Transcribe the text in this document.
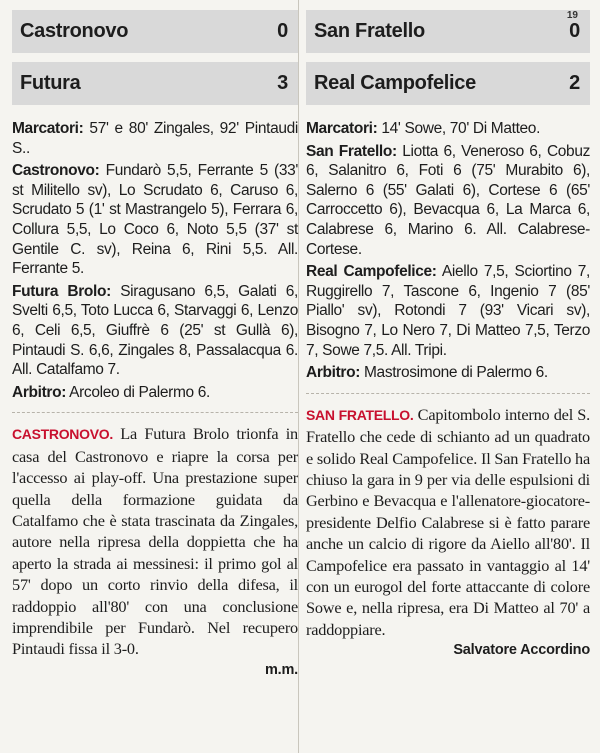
Castronovo	0
Futura	3

Marcatori: 57' e 80' Zingales, 92' Pintaudi S..

Castronovo: Fundarò 5,5, Ferrante 5 (33' st Militello sv), Lo Scrudato 6, Caruso 6, Scrudato 5 (1' st Mastrangelo 5), Ferrara 6, Collura 5,5, Lo Coco 6, Noto 5,5 (37' st Gentile C. sv), Reina 6, Rini 5,5. All. Ferrante 5.

Futura Brolo: Siragusano 6,5, Galati 6, Svelti 6,5, Toto Lucca 6, Starvaggi 6, Lenzo 6, Celi 6,5, Giuffrè 6 (25' st Gullà 6), Pintaudi S. 6,6, Zingales 8, Passalacqua 6. All. Catalfamo 7.

Arbitro: Arcoleo di Palermo 6.

CASTRONOVO. La Futura Brolo trionfa in casa del Castronovo e riapre la corsa per l'accesso ai play-off. Una prestazione super quella della formazione guidata da Catalfamo che è stata trascinata da Zingales, autore nella ripresa della doppietta che ha aperto la strada ai messinesi: il primo gol al 57' dopo un corto rinvio della difesa, il raddoppio all'80' con una conclusione imprendibile per Fundarò. Nel recupero Pintaudi fissa il 3-0.

m.m.
San Fratello	0
Real Campofelice	2

Marcatori: 14' Sowe, 70' Di Matteo.

San Fratello: Liotta 6, Veneroso 6, Cobuz 6, Salanitro 6, Foti 6 (75' Murabito 6), Salerno 6 (55' Galati 6), Cortese 6 (65' Carroccetto 6), Bevacqua 6, La Marca 6, Calabrese 6, Marino 6. All. Calabrese-Cortese.

Real Campofelice: Aiello 7,5, Sciortino 7, Ruggirello 7, Tascone 6, Ingenio 7 (85' Piallo' sv), Rotondi 7 (93' Vicari sv), Bisogno 7, Lo Nero 7, Di Matteo 7,5, Terzo 7, Sowe 7,5. All. Tripi.

Arbitro: Mastrosimone di Palermo 6.

SAN FRATELLO. Capitombolo interno del S. Fratello che cede di schianto ad un quadrato e solido Real Campofelice. Il San Fratello ha chiuso la gara in 9 per via delle espulsioni di Gerbino e Bevacqua e l'allenatore-giocatore-presidente Delfio Calabrese si è fatto parare anche un calcio di rigore da Aiello all'80'. Il Campofelice era passato in vantaggio al 14' con un eurogol del forte attaccante di colore Sowe e, nella ripresa, era Di Matteo al 70' a raddoppiare.

Salvatore Accordino
19
